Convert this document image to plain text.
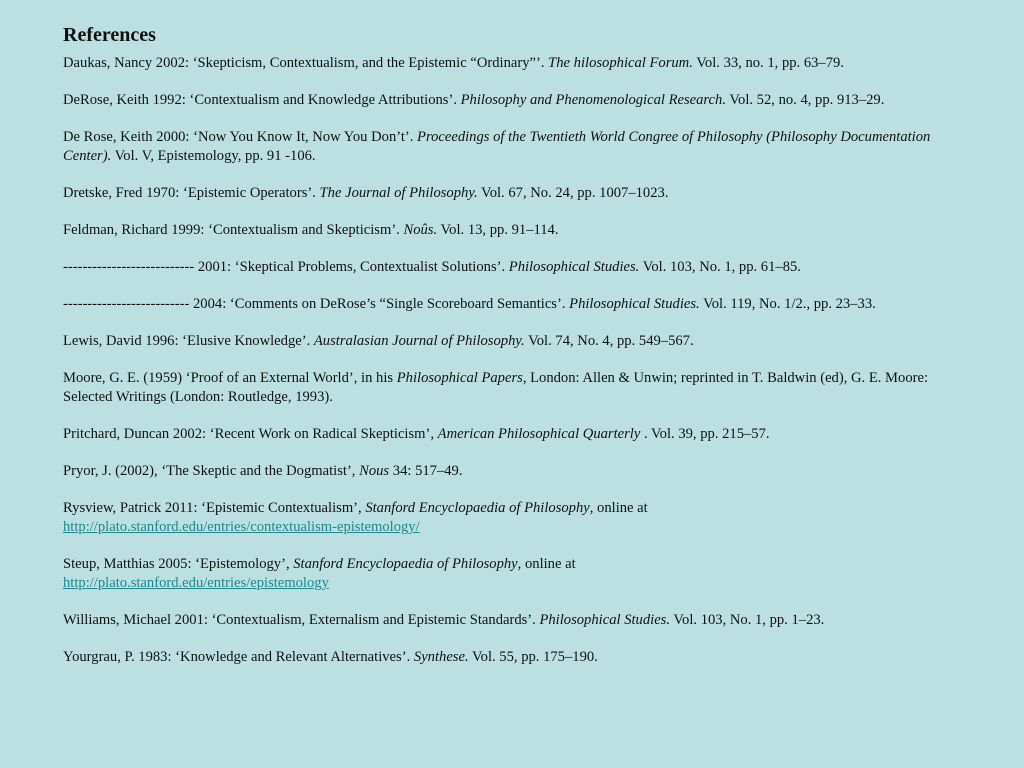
References

Daukas, Nancy 2002: ‘Skepticism, Contextualism, and the Epistemic “Ordinary”’. The hilosophical Forum. Vol. 33, no. 1, pp. 63–79.

DeRose, Keith 1992: ‘Contextualism and Knowledge Attributions’. Philosophy and Phenomenological Research. Vol. 52, no. 4, pp. 913–29.

De Rose, Keith 2000: ‘Now You Know It, Now You Don’t’. Proceedings of the Twentieth World Congree of Philosophy (Philosophy Documentation Center). Vol. V, Epistemology, pp. 91 -106.

Dretske, Fred 1970: ‘Epistemic Operators’. The Journal of Philosophy. Vol. 67, No. 24, pp. 1007–1023.

Feldman, Richard 1999: ‘Contextualism and Skepticism’. Noûs. Vol. 13, pp. 91–114.

--------------------------- 2001: ‘Skeptical Problems, Contextualist Solutions’. Philosophical Studies. Vol. 103, No. 1, pp. 61–85.

-------------------------- 2004: ‘Comments on DeRose’s “Single Scoreboard Semantics’. Philosophical Studies. Vol. 119, No. 1/2., pp. 23–33.

Lewis, David 1996: ‘Elusive Knowledge’. Australasian Journal of Philosophy. Vol. 74, No. 4, pp. 549–567.

Moore, G. E. (1959) ‘Proof of an External World’, in his Philosophical Papers, London: Allen & Unwin; reprinted in T. Baldwin (ed), G. E. Moore: Selected Writings (London: Routledge, 1993).

Pritchard, Duncan 2002: ‘Recent Work on Radical Skepticism’, American Philosophical Quarterly . Vol. 39, pp. 215–57.

Pryor, J. (2002), ‘The Skeptic and the Dogmatist’, Nous 34: 517–49.

Rysview, Patrick 2011: ‘Epistemic Contextualism’, Stanford Encyclopaedia of Philosophy, online at
http://plato.stanford.edu/entries/contextualism-epistemology/

Steup, Matthias 2005: ‘Epistemology’, Stanford Encyclopaedia of Philosophy, online at
http://plato.stanford.edu/entries/epistemology

Williams, Michael 2001: ‘Contextualism, Externalism and Epistemic Standards’. Philosophical Studies. Vol. 103, No. 1, pp. 1–23.

Yourgrau, P. 1983: ‘Knowledge and Relevant Alternatives’. Synthese. Vol. 55, pp. 175–190.
